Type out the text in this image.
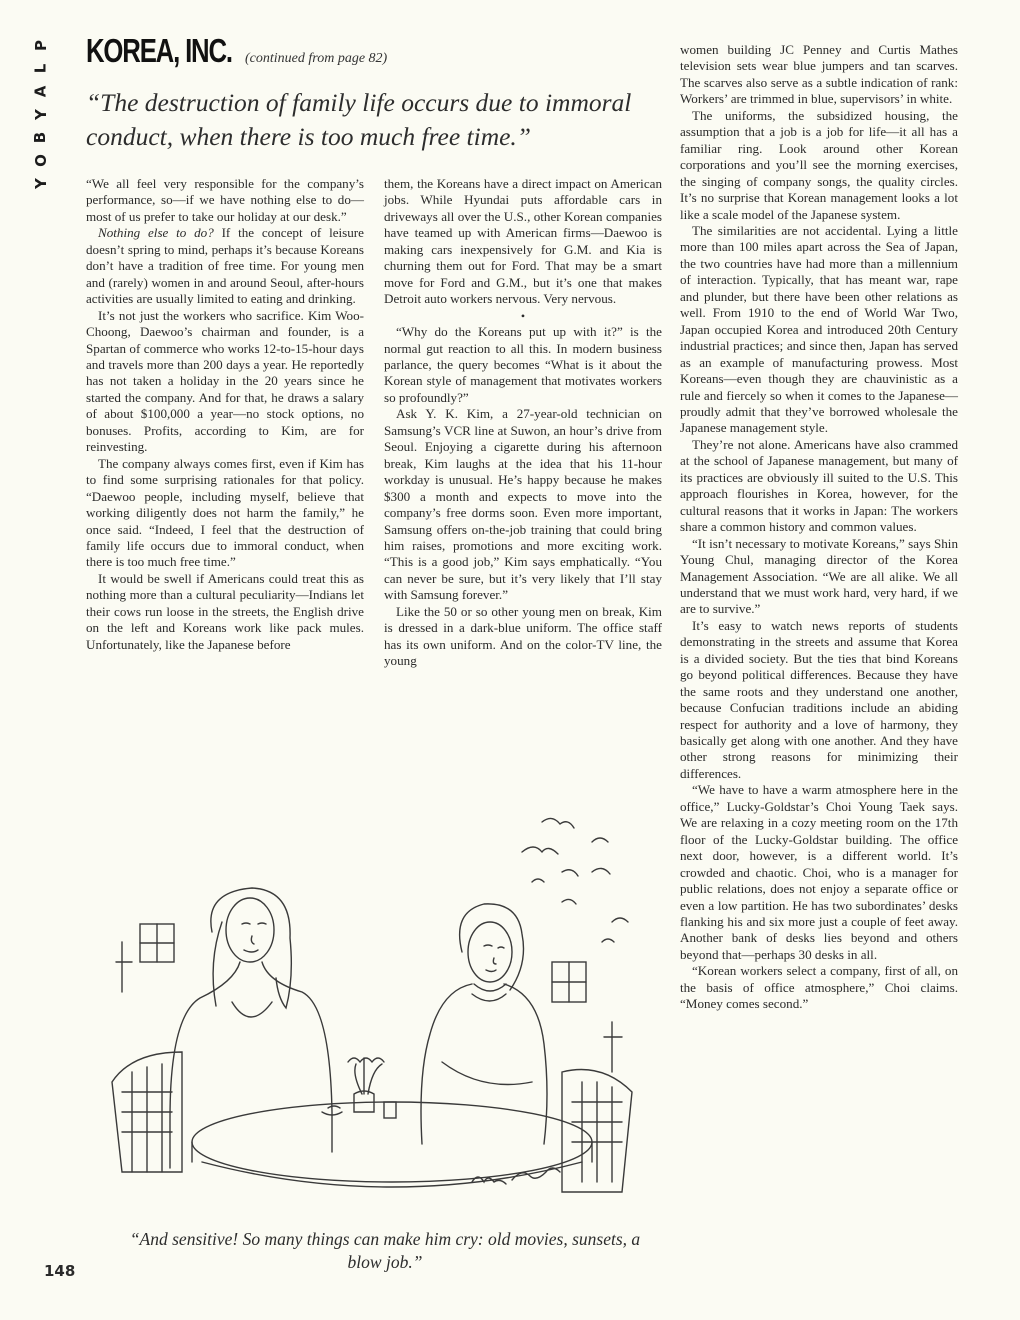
P
L
A
Y
B
O
Y
KOREA, INC. (continued from page 82)
“The destruction of family life occurs due to immoral conduct, when there is too much free time.”

“We all feel very responsible for the company’s performance, so—if we have nothing else to do—most of us prefer to take our holiday at our desk.”

Nothing else to do? If the concept of leisure doesn’t spring to mind, perhaps it’s because Koreans don’t have a tradition of free time. For young men and (rarely) women in and around Seoul, after-hours activities are usually limited to eating and drinking.

It’s not just the workers who sacrifice. Kim Woo-Choong, Daewoo’s chairman and founder, is a Spartan of commerce who works 12-to-15-hour days and travels more than 200 days a year. He reportedly has not taken a holiday in the 20 years since he started the company. And for that, he draws a salary of about $100,000 a year—no stock options, no bonuses. Profits, according to Kim, are for reinvesting.

The company always comes first, even if Kim has to find some surprising rationales for that policy. “Daewoo people, including myself, believe that working diligently does not harm the family,” he once said. “Indeed, I feel that the destruction of family life occurs due to immoral conduct, when there is too much free time.”

It would be swell if Americans could treat this as nothing more than a cultural peculiarity—Indians let their cows run loose in the streets, the English drive on the left and Koreans work like pack mules. Unfortunately, like the Japanese before

them, the Koreans have a direct impact on American jobs. While Hyundai puts affordable cars in driveways all over the U.S., other Korean companies have teamed up with American firms—Daewoo is making cars inexpensively for G.M. and Kia is churning them out for Ford. That may be a smart move for Ford and G.M., but it’s one that makes Detroit auto workers nervous. Very nervous.

•

“Why do the Koreans put up with it?” is the normal gut reaction to all this. In modern business parlance, the query becomes “What is it about the Korean style of management that motivates workers so profoundly?”

Ask Y. K. Kim, a 27-year-old technician on Samsung’s VCR line at Suwon, an hour’s drive from Seoul. Enjoying a cigarette during his afternoon break, Kim laughs at the idea that his 11-hour workday is unusual. He’s happy because he makes $300 a month and expects to move into the company’s free dorms soon. Even more important, Samsung offers on-the-job training that could bring him raises, promotions and more exciting work. “This is a good job,” Kim says emphatically. “You can never be sure, but it’s very likely that I’ll stay with Samsung forever.”

Like the 50 or so other young men on break, Kim is dressed in a dark-blue uniform. The office staff has its own uniform. And on the color-TV line, the young

women building JC Penney and Curtis Mathes television sets wear blue jumpers and tan scarves. The scarves also serve as a subtle indication of rank: Workers’ are trimmed in blue, supervisors’ in white.

The uniforms, the subsidized housing, the assumption that a job is a job for life—it all has a familiar ring. Look around other Korean corporations and you’ll see the morning exercises, the singing of company songs, the quality circles. It’s no surprise that Korean management looks a lot like a scale model of the Japanese system.

The similarities are not accidental. Lying a little more than 100 miles apart across the Sea of Japan, the two countries have had more than a millennium of interaction. Typically, that has meant war, rape and plunder, but there have been other relations as well. From 1910 to the end of World War Two, Japan occupied Korea and introduced 20th Century industrial practices; and since then, Japan has served as an example of manufacturing prowess. Most Koreans—even though they are chauvinistic as a rule and fiercely so when it comes to the Japanese—proudly admit that they’ve borrowed wholesale the Japanese management style.

They’re not alone. Americans have also crammed at the school of Japanese management, but many of its practices are obviously ill suited to the U.S. This approach flourishes in Korea, however, for the cultural reasons that it works in Japan: The workers share a common history and common values.

“It isn’t necessary to motivate Koreans,” says Shin Young Chul, managing director of the Korea Management Association. “We are all alike. We all understand that we must work hard, very hard, if we are to survive.”

It’s easy to watch news reports of students demonstrating in the streets and assume that Korea is a divided society. But the ties that bind Koreans go beyond political differences. Because they have the same roots and they understand one another, because Confucian traditions include an abiding respect for authority and a love of harmony, they basically get along with one another. And they have other strong reasons for minimizing their differences.

“We have to have a warm atmosphere here in the office,” Lucky-Goldstar’s Choi Young Taek says. We are relaxing in a cozy meeting room on the 17th floor of the Lucky-Goldstar building. The office next door, however, is a different world. It’s crowded and chaotic. Choi, who is a manager for public relations, does not enjoy a separate office or even a low partition. He has two subordinates’ desks flanking his and six more just a couple of feet away. Another bank of desks lies beyond and others beyond that—perhaps 30 desks in all.

“Korean workers select a company, first of all, on the basis of office atmosphere,” Choi claims. “Money comes second.”

“And sensitive! So many things can make him cry: old movies, sunsets, a blow job.”
148
